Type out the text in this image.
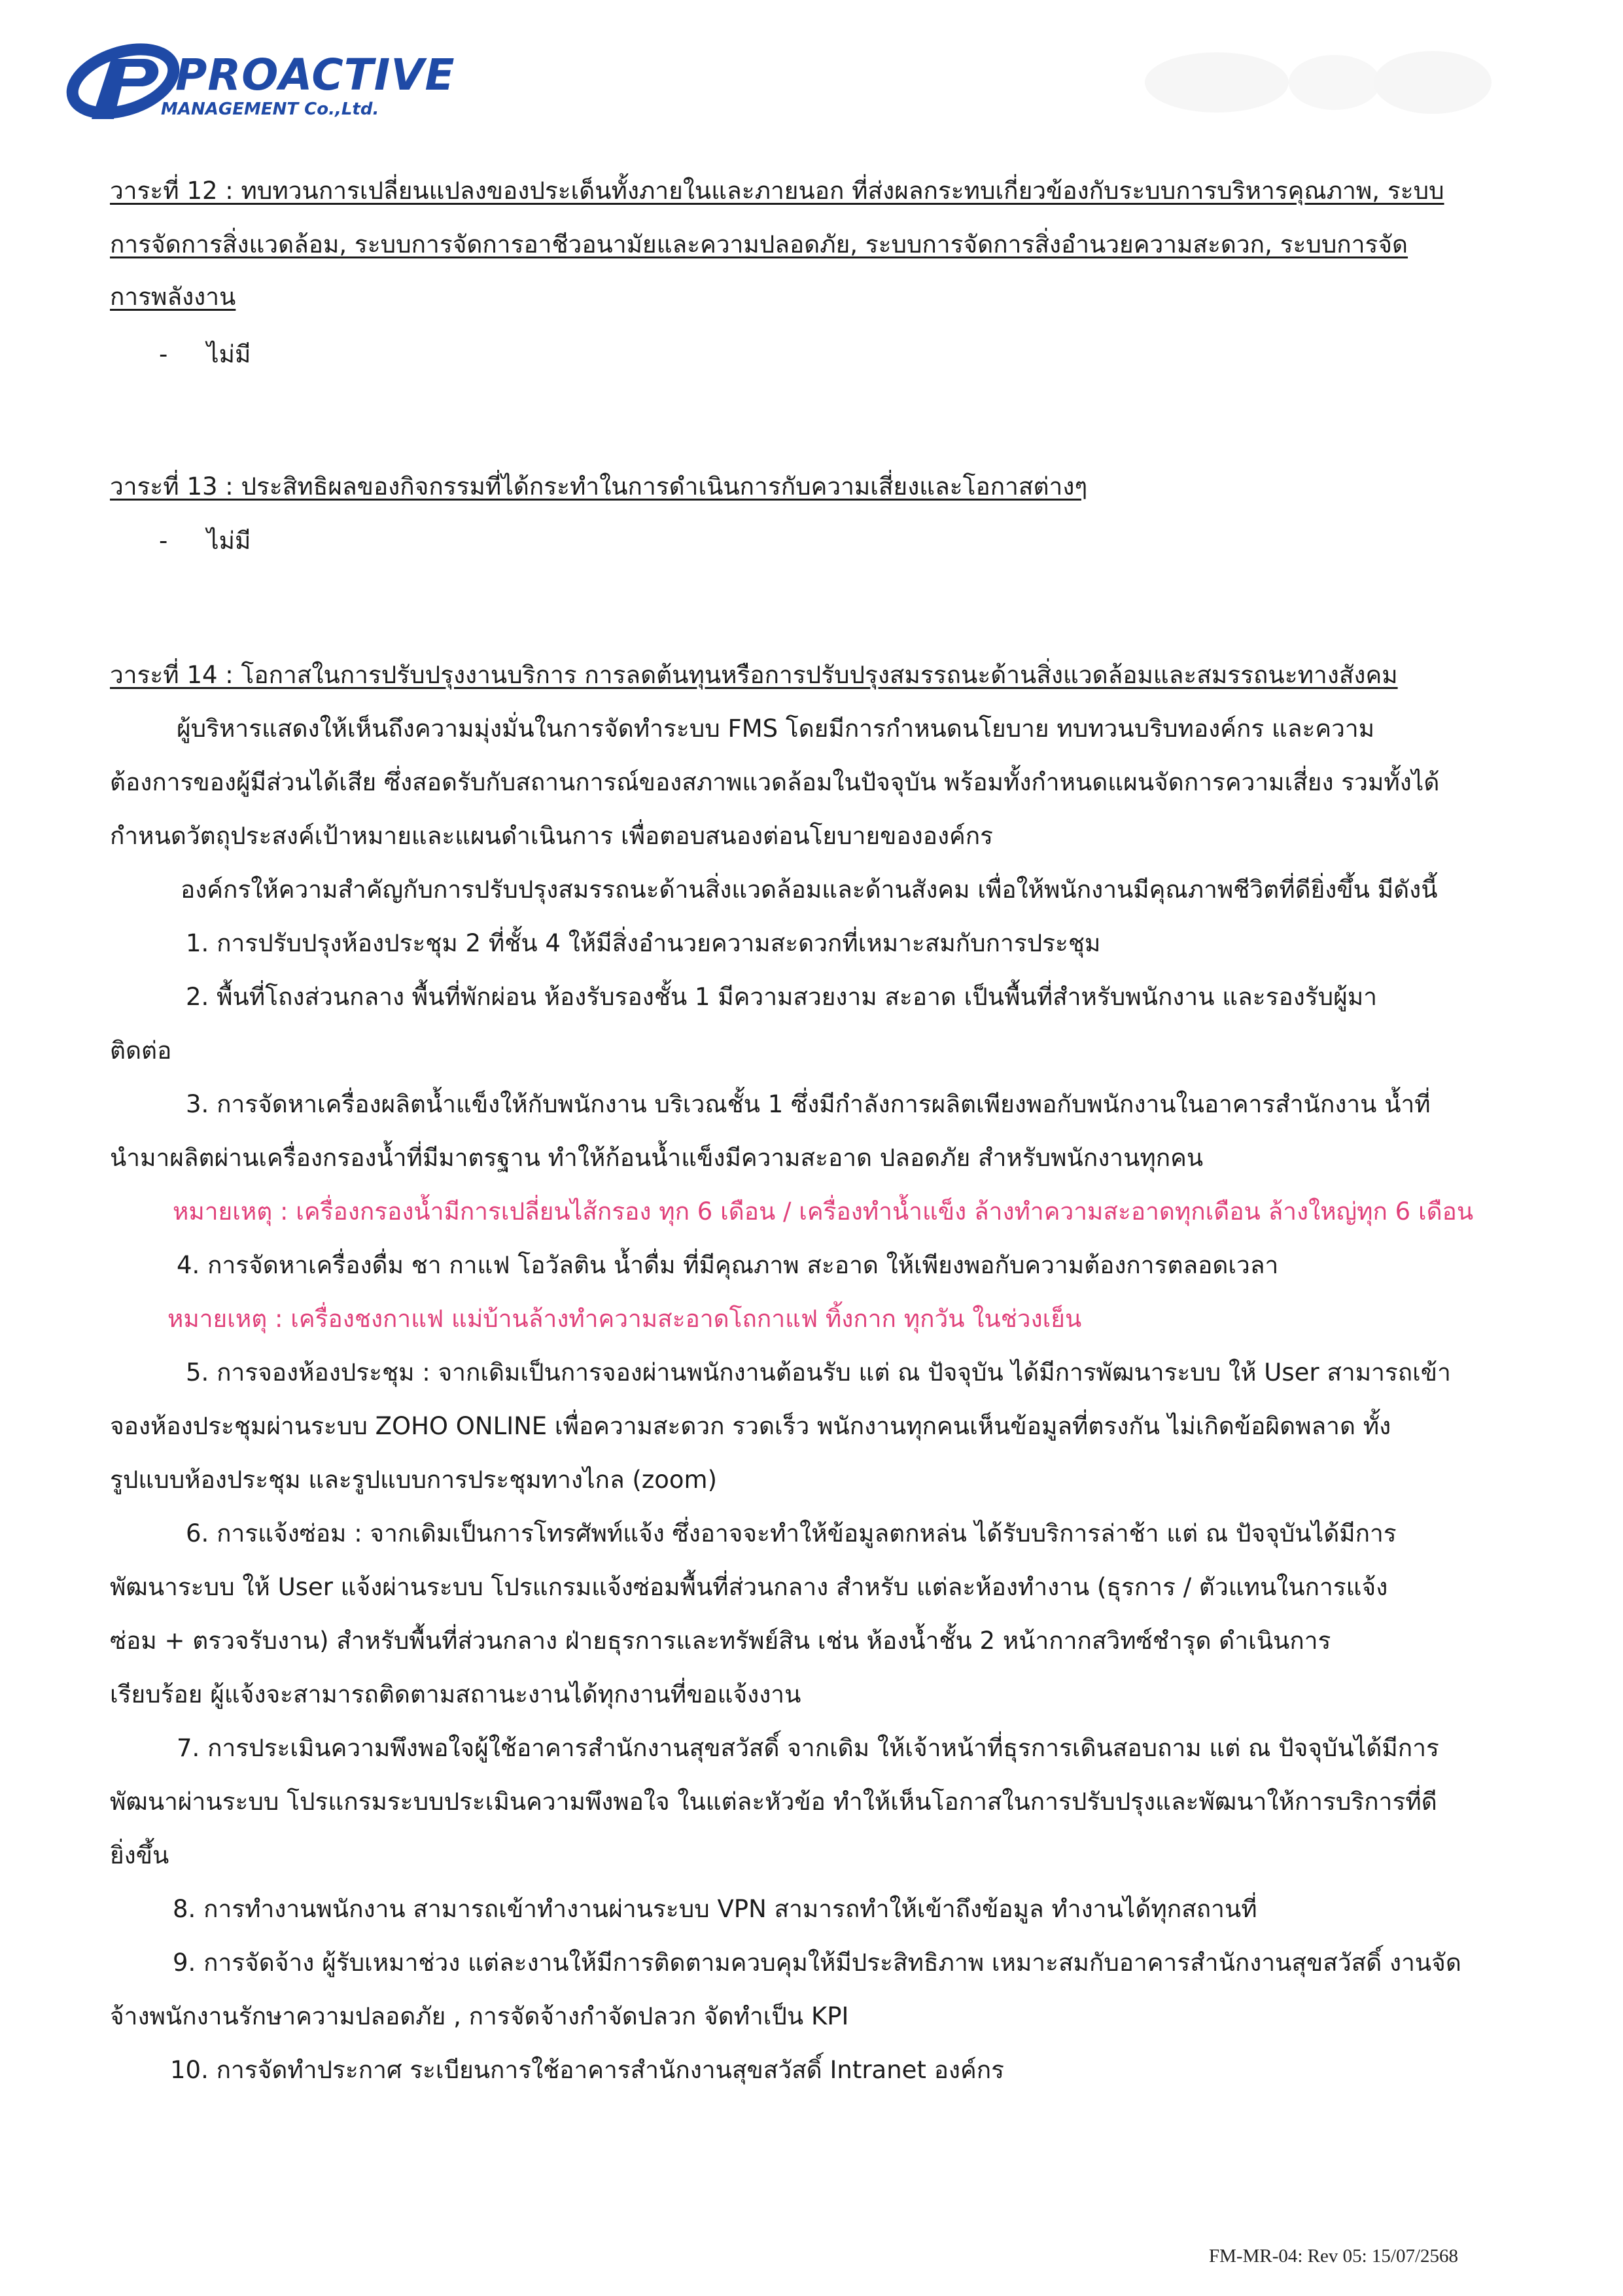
PROACTIVE
MANAGEMENT Co.,Ltd.
วาระที่ 12 : ทบทวนการเปลี่ยนแปลงของประเด็นทั้งภายในและภายนอก ที่ส่งผลกระทบเกี่ยวข้องกับระบบการบริหารคุณภาพ, ระบบ
การจัดการสิ่งแวดล้อม, ระบบการจัดการอาชีวอนามัยและความปลอดภัย, ระบบการจัดการสิ่งอำนวยความสะดวก, ระบบการจัด
การพลังงาน
- ไม่มี
วาระที่ 13 : ประสิทธิผลของกิจกรรมที่ได้กระทำในการดำเนินการกับความเสี่ยงและโอกาสต่างๆ
- ไม่มี
วาระที่ 14 : โอกาสในการปรับปรุงงานบริการ การลดต้นทุนหรือการปรับปรุงสมรรถนะด้านสิ่งแวดล้อมและสมรรถนะทางสังคม
ผู้บริหารแสดงให้เห็นถึงความมุ่งมั่นในการจัดทำระบบ FMS โดยมีการกำหนดนโยบาย ทบทวนบริบทองค์กร และความ
ต้องการของผู้มีส่วนได้เสีย ซึ่งสอดรับกับสถานการณ์ของสภาพแวดล้อมในปัจจุบัน พร้อมทั้งกำหนดแผนจัดการความเสี่ยง รวมทั้งได้
กำหนดวัตถุประสงค์เป้าหมายและแผนดำเนินการ เพื่อตอบสนองต่อนโยบายขององค์กร
องค์กรให้ความสำคัญกับการปรับปรุงสมรรถนะด้านสิ่งแวดล้อมและด้านสังคม เพื่อให้พนักงานมีคุณภาพชีวิตที่ดียิ่งขึ้น มีดังนี้
1. การปรับปรุงห้องประชุม 2 ที่ชั้น 4 ให้มีสิ่งอำนวยความสะดวกที่เหมาะสมกับการประชุม
2. พื้นที่โถงส่วนกลาง พื้นที่พักผ่อน ห้องรับรองชั้น 1 มีความสวยงาม สะอาด เป็นพื้นที่สำหรับพนักงาน และรองรับผู้มา
ติดต่อ
3. การจัดหาเครื่องผลิตน้ำแข็งให้กับพนักงาน บริเวณชั้น 1 ซึ่งมีกำลังการผลิตเพียงพอกับพนักงานในอาคารสำนักงาน น้ำที่
นำมาผลิตผ่านเครื่องกรองน้ำที่มีมาตรฐาน ทำให้ก้อนน้ำแข็งมีความสะอาด ปลอดภัย สำหรับพนักงานทุกคน
หมายเหตุ : เครื่องกรองน้ำมีการเปลี่ยนไส้กรอง ทุก 6 เดือน / เครื่องทำน้ำแข็ง ล้างทำความสะอาดทุกเดือน ล้างใหญ่ทุก 6 เดือน
4. การจัดหาเครื่องดื่ม ชา กาแฟ โอวัลติน น้ำดื่ม ที่มีคุณภาพ สะอาด ให้เพียงพอกับความต้องการตลอดเวลา
หมายเหตุ : เครื่องชงกาแฟ แม่บ้านล้างทำความสะอาดโถกาแฟ ทิ้งกาก ทุกวัน ในช่วงเย็น
5. การจองห้องประชุม : จากเดิมเป็นการจองผ่านพนักงานต้อนรับ แต่ ณ ปัจจุบัน ได้มีการพัฒนาระบบ ให้ User สามารถเข้า
จองห้องประชุมผ่านระบบ ZOHO ONLINE เพื่อความสะดวก รวดเร็ว พนักงานทุกคนเห็นข้อมูลที่ตรงกัน ไม่เกิดข้อผิดพลาด ทั้ง
รูปแบบห้องประชุม และรูปแบบการประชุมทางไกล (zoom)
6. การแจ้งซ่อม : จากเดิมเป็นการโทรศัพท์แจ้ง ซึ่งอาจจะทำให้ข้อมูลตกหล่น ได้รับบริการล่าช้า แต่ ณ ปัจจุบันได้มีการ
พัฒนาระบบ ให้ User แจ้งผ่านระบบ โปรแกรมแจ้งซ่อมพื้นที่ส่วนกลาง สำหรับ แต่ละห้องทำงาน (ธุรการ / ตัวแทนในการแจ้ง
ซ่อม + ตรวจรับงาน) สำหรับพื้นที่ส่วนกลาง ฝ่ายธุรการและทรัพย์สิน เช่น ห้องน้ำชั้น 2 หน้ากากสวิทซ์ชำรุด ดำเนินการ
เรียบร้อย ผู้แจ้งจะสามารถติดตามสถานะงานได้ทุกงานที่ขอแจ้งงาน
7. การประเมินความพึงพอใจผู้ใช้อาคารสำนักงานสุขสวัสดิ์ จากเดิม ให้เจ้าหน้าที่ธุรการเดินสอบถาม แต่ ณ ปัจจุบันได้มีการ
พัฒนาผ่านระบบ โปรแกรมระบบประเมินความพึงพอใจ ในแต่ละหัวข้อ ทำให้เห็นโอกาสในการปรับปรุงและพัฒนาให้การบริการที่ดี
ยิ่งขึ้น
8. การทำงานพนักงาน สามารถเข้าทำงานผ่านระบบ VPN สามารถทำให้เข้าถึงข้อมูล ทำงานได้ทุกสถานที่
9. การจัดจ้าง ผู้รับเหมาช่วง แต่ละงานให้มีการติดตามควบคุมให้มีประสิทธิภาพ เหมาะสมกับอาคารสำนักงานสุขสวัสดิ์ งานจัด
จ้างพนักงานรักษาความปลอดภัย , การจัดจ้างกำจัดปลวก จัดทำเป็น KPI
10. การจัดทำประกาศ ระเบียนการใช้อาคารสำนักงานสุขสวัสดิ์ Intranet องค์กร
FM-MR-04: Rev 05: 15/07/2568
